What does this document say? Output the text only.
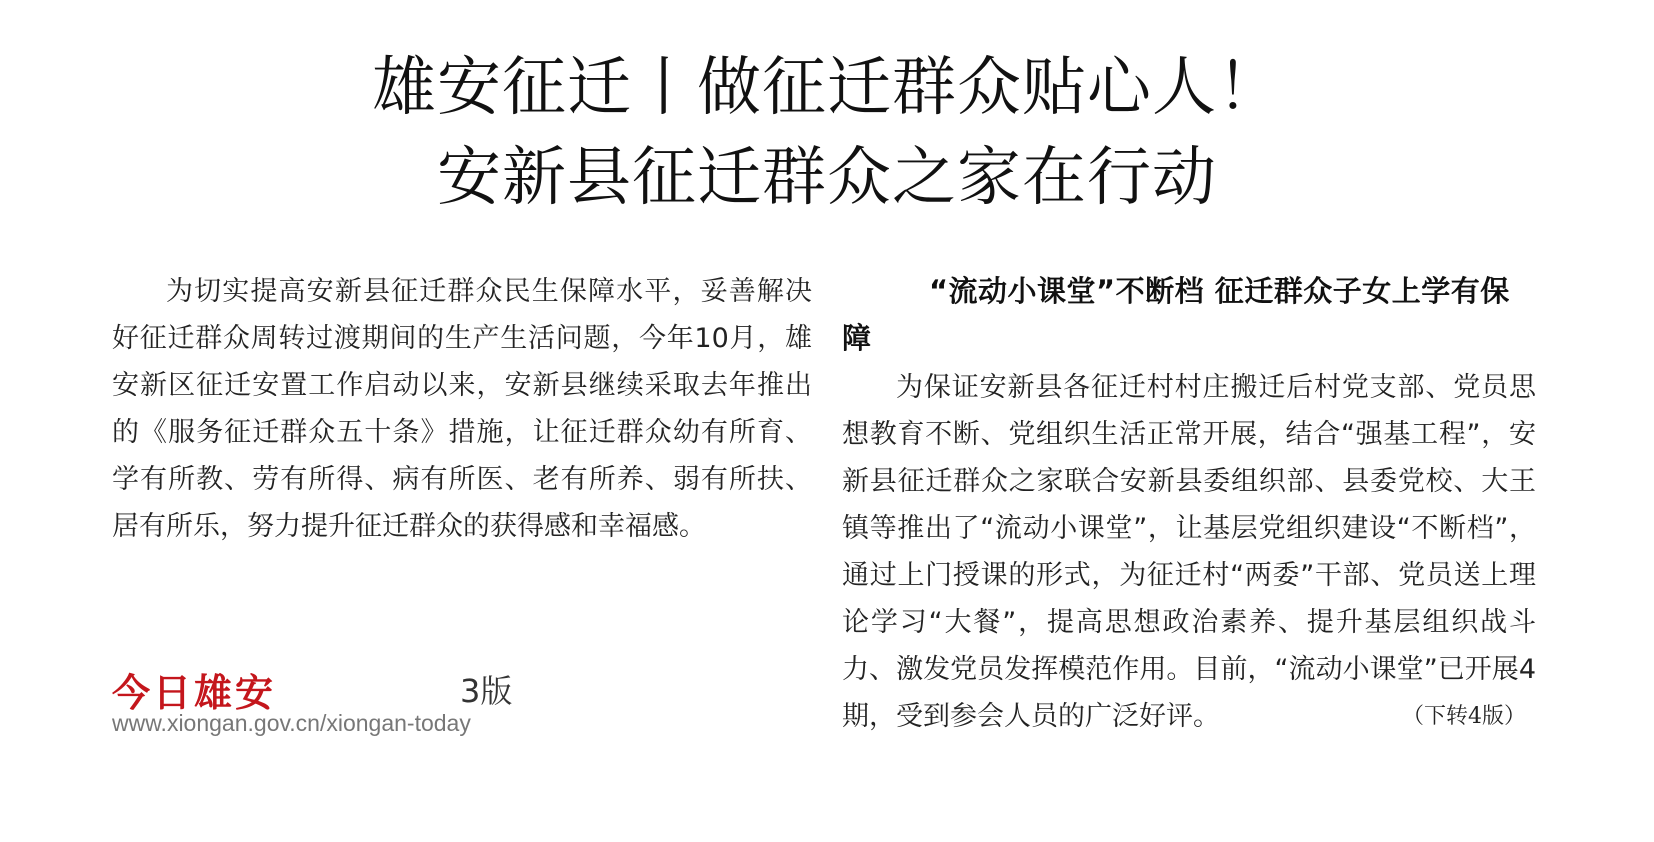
雄安征迁丨做征迁群众贴心人！
安新县征迁群众之家在行动
为切实提高安新县征迁群众民生保障水平，妥善解决好征迁群众周转过渡期间的生产生活问题，今年10月，雄安新区征迁安置工作启动以来，安新县继续采取去年推出的《服务征迁群众五十条》措施，让征迁群众幼有所育、学有所教、劳有所得、病有所医、老有所养、弱有所扶、居有所乐，努力提升征迁群众的获得感和幸福感。
“流动小课堂”不断档 征迁群众子女上学有保障
为保证安新县各征迁村村庄搬迁后村党支部、党员思想教育不断、党组织生活正常开展，结合“强基工程”，安新县征迁群众之家联合安新县委组织部、县委党校、大王镇等推出了“流动小课堂”，让基层党组织建设“不断档”，通过上门授课的形式，为征迁村“两委”干部、党员送上理论学习“大餐”，提高思想政治素养、提升基层组织战斗力、激发党员发挥模范作用。目前，“流动小课堂”已开展4期，受到参会人员的广泛好评。	（下转4版）
今日雄安	3版
www.xiongan.gov.cn/xiongan-today
